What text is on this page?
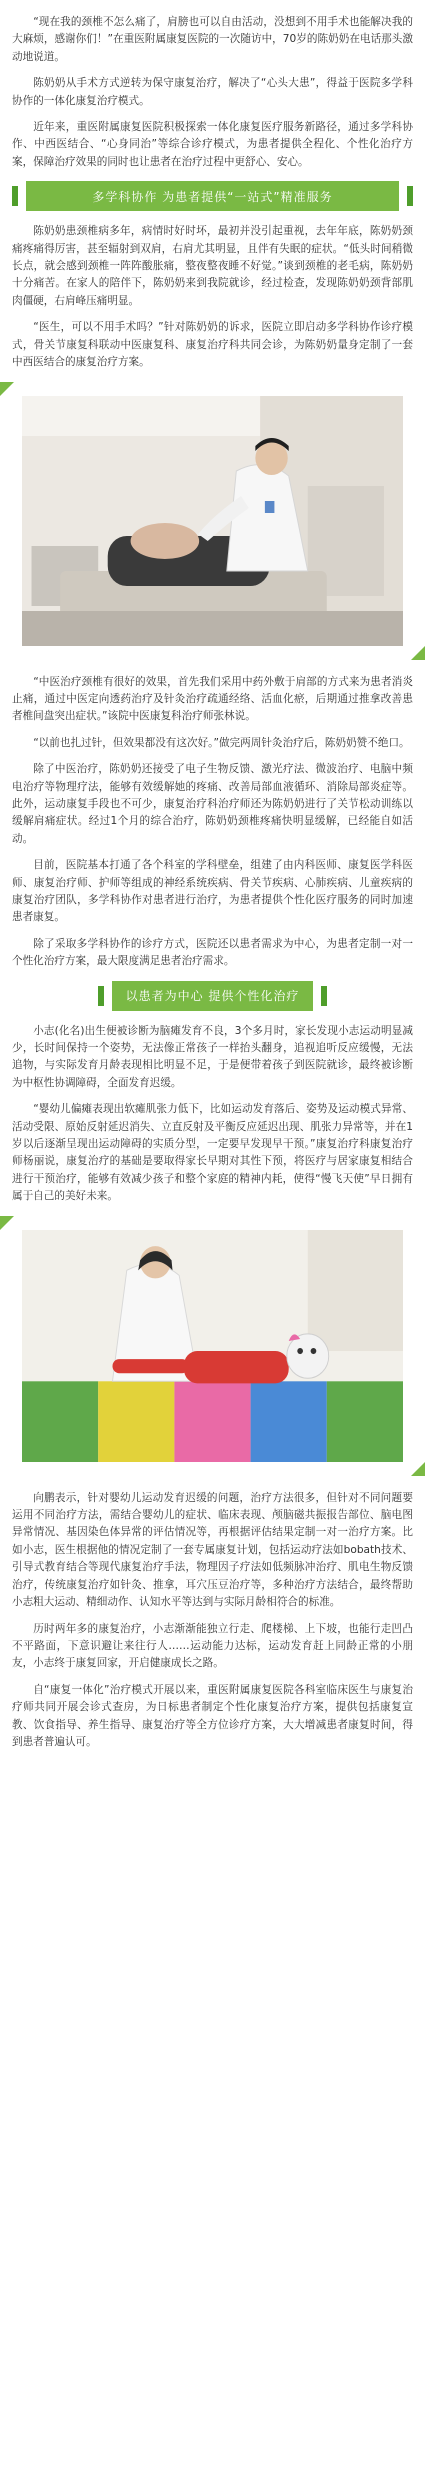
“现在我的颈椎不怎么痛了，肩膀也可以自由活动，没想到不用手术也能解决我的大麻烦，感谢你们！”在重医附属康复医院的一次随访中，70岁的陈奶奶在电话那头激动地说道。

陈奶奶从手术方式逆转为保守康复治疗，解决了“心头大患”，得益于医院多学科协作的一体化康复治疗模式。

近年来，重医附属康复医院积极探索一体化康复医疗服务新路径，通过多学科协作、中西医结合、“心身同治”等综合诊疗模式，为患者提供全程化、个性化治疗方案，保障治疗效果的同时也让患者在治疗过程中更舒心、安心。

多学科协作 为患者提供“一站式”精准服务

陈奶奶患颈椎病多年，病情时好时坏，最初并没引起重视，去年年底，陈奶奶颈痛疼痛得厉害，甚至辐射到双肩，右肩尤其明显，且伴有失眠的症状。“低头时间稍微长点，就会感到颈椎一阵阵酸胀痛，整夜整夜睡不好觉。”谈到颈椎的老毛病，陈奶奶十分痛苦。在家人的陪伴下，陈奶奶来到我院就诊，经过检查，发现陈奶奶颈背部肌肉僵硬，右肩峰压痛明显。

“医生，可以不用手术吗？”针对陈奶奶的诉求，医院立即启动多学科协作诊疗模式，骨关节康复科联动中医康复科、康复治疗科共同会诊，为陈奶奶量身定制了一套中西医结合的康复治疗方案。

“中医治疗颈椎有很好的效果，首先我们采用中药外敷于肩部的方式来为患者消炎止痛，通过中医定向透药治疗及针灸治疗疏通经络、活血化瘀，后期通过推拿改善患者椎间盘突出症状。”该院中医康复科治疗师张林说。

“以前也扎过针，但效果都没有这次好。”做完两周针灸治疗后，陈奶奶赞不绝口。

除了中医治疗，陈奶奶还接受了电子生物反馈、激光疗法、微波治疗、电脑中频电治疗等物理疗法，能够有效缓解她的疼痛、改善局部血液循环、消除局部炎症等。此外，运动康复手段也不可少，康复治疗科治疗师还为陈奶奶进行了关节松动训练以缓解肩痛症状。经过1个月的综合治疗，陈奶奶颈椎疼痛快明显缓解，已经能自如活动。

目前，医院基本打通了各个科室的学科壁垒，组建了由内科医师、康复医学科医师、康复治疗师、护师等组成的神经系统疾病、骨关节疾病、心肺疾病、儿童疾病的康复治疗团队，多学科协作对患者进行治疗，为患者提供个性化医疗服务的同时加速患者康复。

除了采取多学科协作的诊疗方式，医院还以患者需求为中心，为患者定制一对一个性化治疗方案，最大限度满足患者治疗需求。

以患者为中心 提供个性化治疗

小志(化名)出生便被诊断为脑瘫发育不良，3个多月时，家长发现小志运动明显减少，长时间保持一个姿势，无法像正常孩子一样抬头翻身，追视追听反应缓慢，无法追物，与实际发育月龄表现相比明显不足，于是便带着孩子到医院就诊，最终被诊断为中枢性协调障碍，全面发育迟缓。

“婴幼儿偏瘫表现出软瘫肌张力低下，比如运动发育落后、姿势及运动模式异常、活动受限、原始反射延迟消失、立直反射及平衡反应延迟出现、肌张力异常等，并在1岁以后逐渐呈现出运动障碍的实质分型，一定要早发现早干预。”康复治疗科康复治疗师杨丽说，康复治疗的基础是要取得家长早期对其性下预，将医疗与居家康复相结合进行干预治疗，能够有效减少孩子和整个家庭的精神内耗，使得“慢飞天使”早日拥有属于自己的美好未来。

向鹏表示，针对婴幼儿运动发育迟缓的问题，治疗方法很多，但针对不同问题要运用不同治疗方法，需结合婴幼儿的症状、临床表现、颅脑磁共振报告部位、脑电图异常情况、基因染色体异常的评估情况等，再根据评估结果定制一对一治疗方案。比如小志，医生根据他的情况定制了一套专属康复计划，包括运动疗法如bobath技术、引导式教育结合等现代康复治疗手法，物理因子疗法如低频脉冲治疗、肌电生物反馈治疗，传统康复治疗如针灸、推拿，耳穴压豆治疗等，多种治疗方法结合，最终帮助小志粗大运动、精细动作、认知水平等达到与实际月龄相符合的标准。

历时两年多的康复治疗，小志渐渐能独立行走、爬楼梯、上下坡，也能行走凹凸不平路面，下意识避让来往行人……运动能力达标，运动发育赶上同龄正常的小朋友，小志终于康复回家，开启健康成长之路。

自“康复一体化”治疗模式开展以来，重医附属康复医院各科室临床医生与康复治疗师共同开展会诊式查房，为日标患者制定个性化康复治疗方案，提供包括康复宣教、饮食指导、养生指导、康复治疗等全方位诊疗方案，大大增减患者康复时间，得到患者普遍认可。
